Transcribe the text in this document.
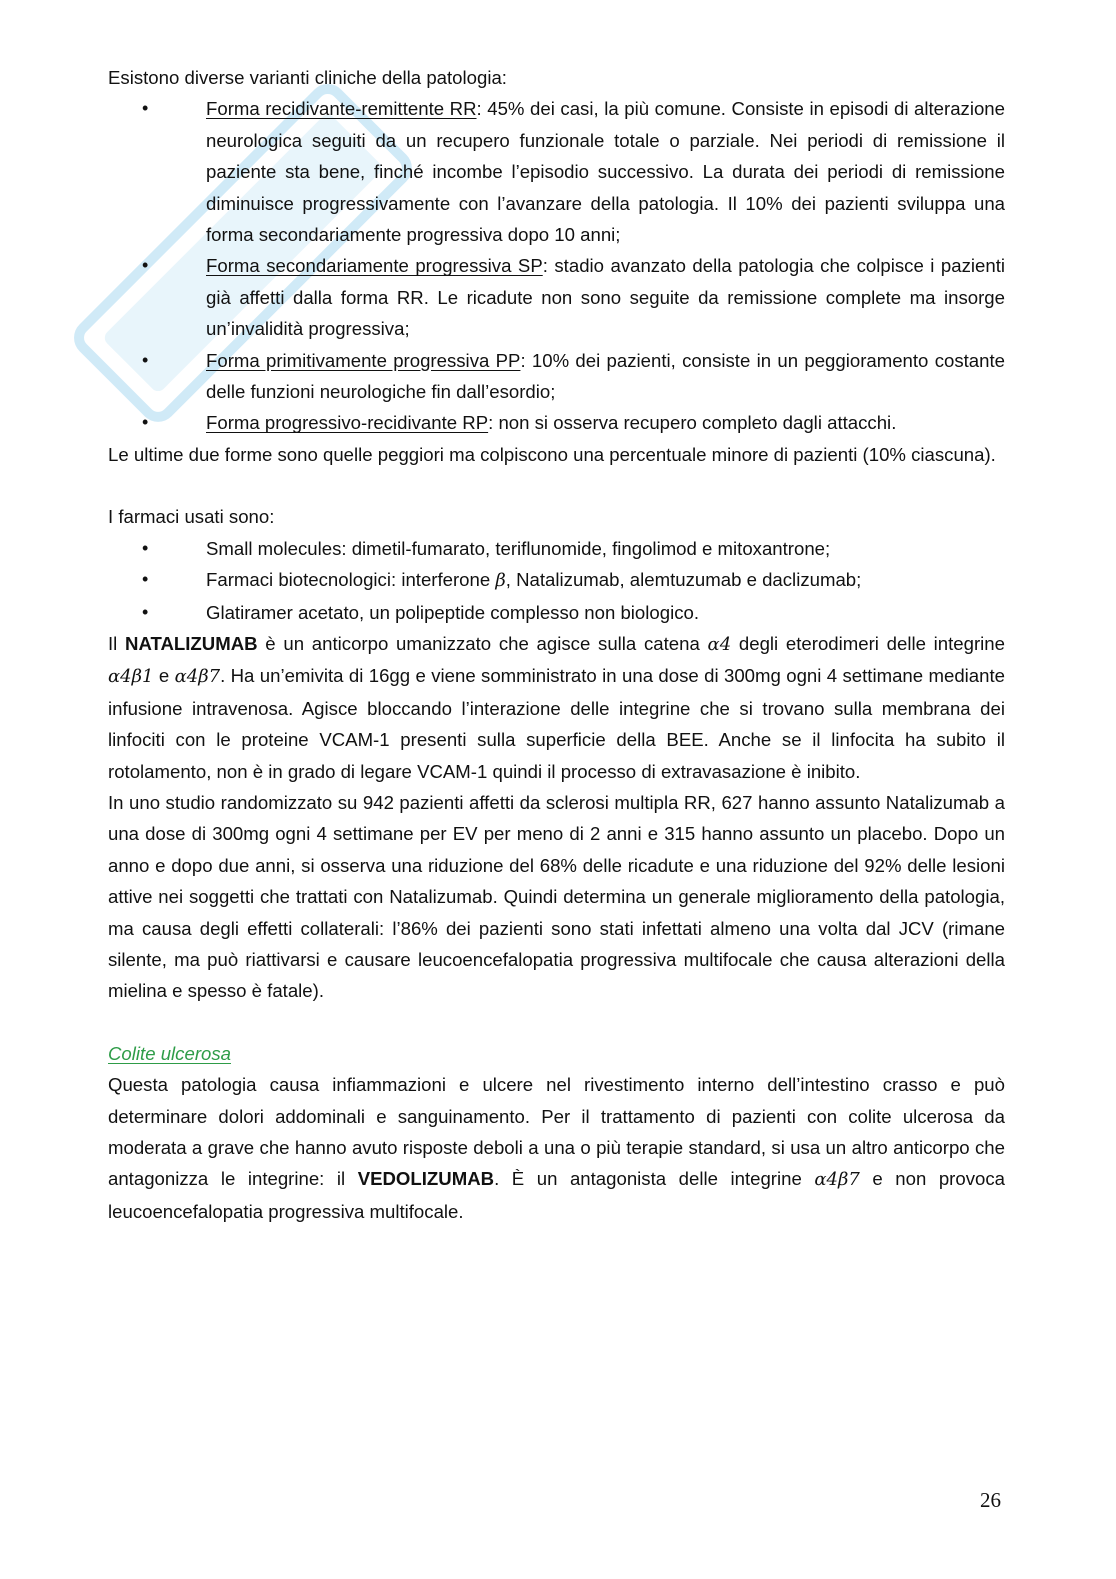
Esistono diverse varianti cliniche della patologia:

• Forma recidivante-remittente RR: 45% dei casi, la più comune. Consiste in episodi di alterazione neurologica seguiti da un recupero funzionale totale o parziale. Nei periodi di remissione il paziente sta bene, finché incombe l’episodio successivo. La durata dei periodi di remissione diminuisce progressivamente con l’avanzare della patologia. Il 10% dei pazienti sviluppa una forma secondariamente progressiva dopo 10 anni;
• Forma secondariamente progressiva SP: stadio avanzato della patologia che colpisce i pazienti già affetti dalla forma RR. Le ricadute non sono seguite da remissione complete ma insorge un’invalidità progressiva;
• Forma primitivamente progressiva PP: 10% dei pazienti, consiste in un peggioramento costante delle funzioni neurologiche fin dall’esordio;
• Forma progressivo-recidivante RP: non si osserva recupero completo dagli attacchi.

Le ultime due forme sono quelle peggiori ma colpiscono una percentuale minore di pazienti (10% ciascuna).

I farmaci usati sono:

• Small molecules: dimetil-fumarato, teriflunomide, fingolimod e mitoxantrone;
• Farmaci biotecnologici: interferone β, Natalizumab, alemtuzumab e daclizumab;
• Glatiramer acetato, un polipeptide complesso non biologico.

Il NATALIZUMAB è un anticorpo umanizzato che agisce sulla catena α4 degli eterodimeri delle integrine α4β1 e α4β7. Ha un’emivita di 16gg e viene somministrato in una dose di 300mg ogni 4 settimane mediante infusione intravenosa. Agisce bloccando l’interazione delle integrine che si trovano sulla membrana dei linfociti con le proteine VCAM-1 presenti sulla superficie della BEE. Anche se il linfocita ha subito il rotolamento, non è in grado di legare VCAM-1 quindi il processo di extravasazione è inibito.

In uno studio randomizzato su 942 pazienti affetti da sclerosi multipla RR, 627 hanno assunto Natalizumab a una dose di 300mg ogni 4 settimane per EV per meno di 2 anni e 315 hanno assunto un placebo. Dopo un anno e dopo due anni, si osserva una riduzione del 68% delle ricadute e una riduzione del 92% delle lesioni attive nei soggetti che trattati con Natalizumab. Quindi determina un generale miglioramento della patologia, ma causa degli effetti collaterali: l’86% dei pazienti sono stati infettati almeno una volta dal JCV (rimane silente, ma può riattivarsi e causare leucoencefalopatia progressiva multifocale che causa alterazioni della mielina e spesso è fatale).

Colite ulcerosa

Questa patologia causa infiammazioni e ulcere nel rivestimento interno dell’intestino crasso e può determinare dolori addominali e sanguinamento. Per il trattamento di pazienti con colite ulcerosa da moderata a grave che hanno avuto risposte deboli a una o più terapie standard, si usa un altro anticorpo che antagonizza le integrine: il VEDOLIZUMAB. È un antagonista delle integrine α4β7 e non provoca leucoencefalopatia progressiva multifocale.

26
